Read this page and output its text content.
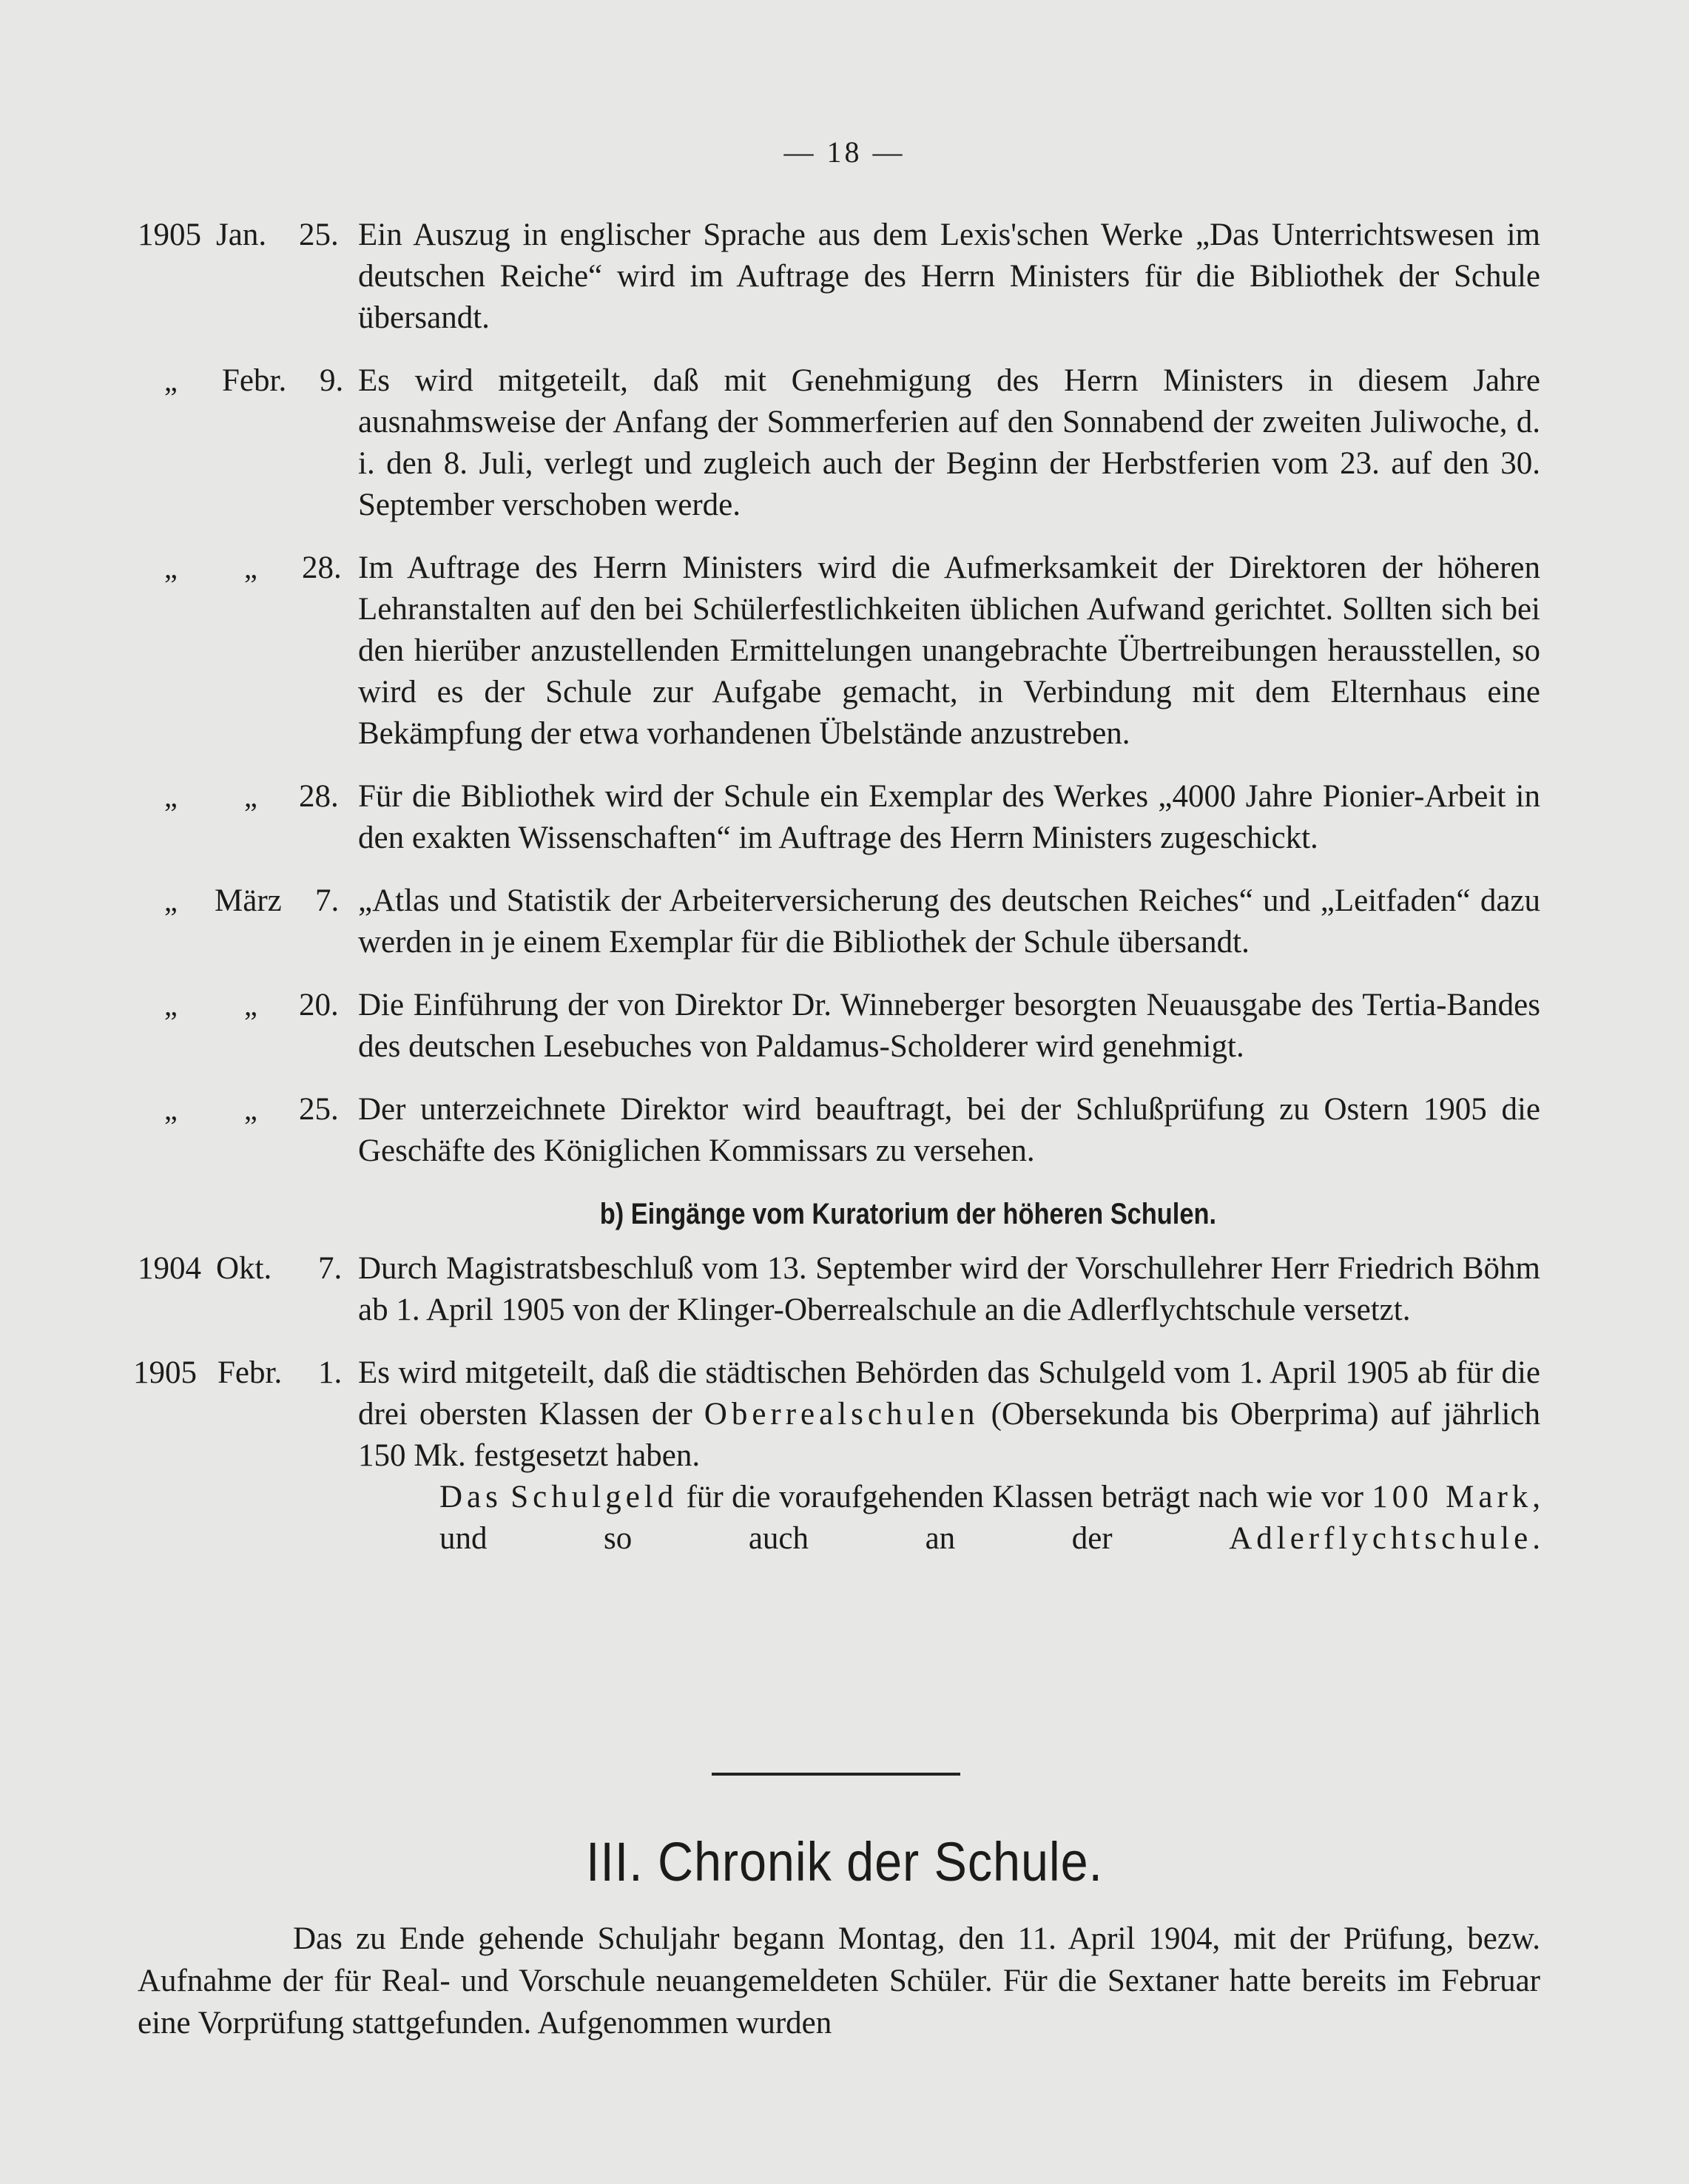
— 18 —
1905 Jan. 25. Ein Auszug in englischer Sprache aus dem Lexis'schen Werke „Das Unterrichtswesen im deutschen Reiche“ wird im Auftrage des Herrn Ministers für die Bibliothek der Schule übersandt.
„ Febr. 9. Es wird mitgeteilt, daß mit Genehmigung des Herrn Ministers in diesem Jahre ausnahmsweise der Anfang der Sommerferien auf den Sonnabend der zweiten Juliwoche, d. i. den 8. Juli, verlegt und zugleich auch der Beginn der Herbstferien vom 23. auf den 30. September verschoben werde.
„ „ 28. Im Auftrage des Herrn Ministers wird die Aufmerksamkeit der Direktoren der höheren Lehranstalten auf den bei Schülerfestlichkeiten üblichen Aufwand gerichtet. Sollten sich bei den hierüber anzustellenden Ermittelungen unangebrachte Übertreibungen herausstellen, so wird es der Schule zur Aufgabe gemacht, in Verbindung mit dem Elternhaus eine Bekämpfung der etwa vorhandenen Übelstände anzustreben.
„ „ 28. Für die Bibliothek wird der Schule ein Exemplar des Werkes „4000 Jahre Pionier-Arbeit in den exakten Wissenschaften“ im Auftrage des Herrn Ministers zugeschickt.
„ März 7. „Atlas und Statistik der Arbeiterversicherung des deutschen Reiches“ und „Leitfaden“ dazu werden in je einem Exemplar für die Bibliothek der Schule übersandt.
„ „ 20. Die Einführung der von Direktor Dr. Winneberger besorgten Neuausgabe des Tertia-Bandes des deutschen Lesebuches von Paldamus-Scholderer wird genehmigt.
„ „ 25. Der unterzeichnete Direktor wird beauftragt, bei der Schlußprüfung zu Ostern 1905 die Geschäfte des Königlichen Kommissars zu versehen.
b) Eingänge vom Kuratorium der höheren Schulen.
1904 Okt. 7. Durch Magistratsbeschluß vom 13. September wird der Vorschullehrer Herr Friedrich Böhm ab 1. April 1905 von der Klinger-Oberrealschule an die Adlerflychtschule versetzt.
1905 Febr. 1. Es wird mitgeteilt, daß die städtischen Behörden das Schulgeld vom 1. April 1905 ab für die drei obersten Klassen der Oberrealschulen (Obersekunda bis Oberprima) auf jährlich 150 Mk. festgesetzt haben.
Das Schulgeld für die voraufgehenden Klassen beträgt nach wie vor 100 Mark, und so auch an der Adlerflychtschule.
III. Chronik der Schule.
Das zu Ende gehende Schuljahr begann Montag, den 11. April 1904, mit der Prüfung, bezw. Aufnahme der für Real- und Vorschule neuangemeldeten Schüler. Für die Sextaner hatte bereits im Februar eine Vorprüfung stattgefunden. Aufgenommen wurden
